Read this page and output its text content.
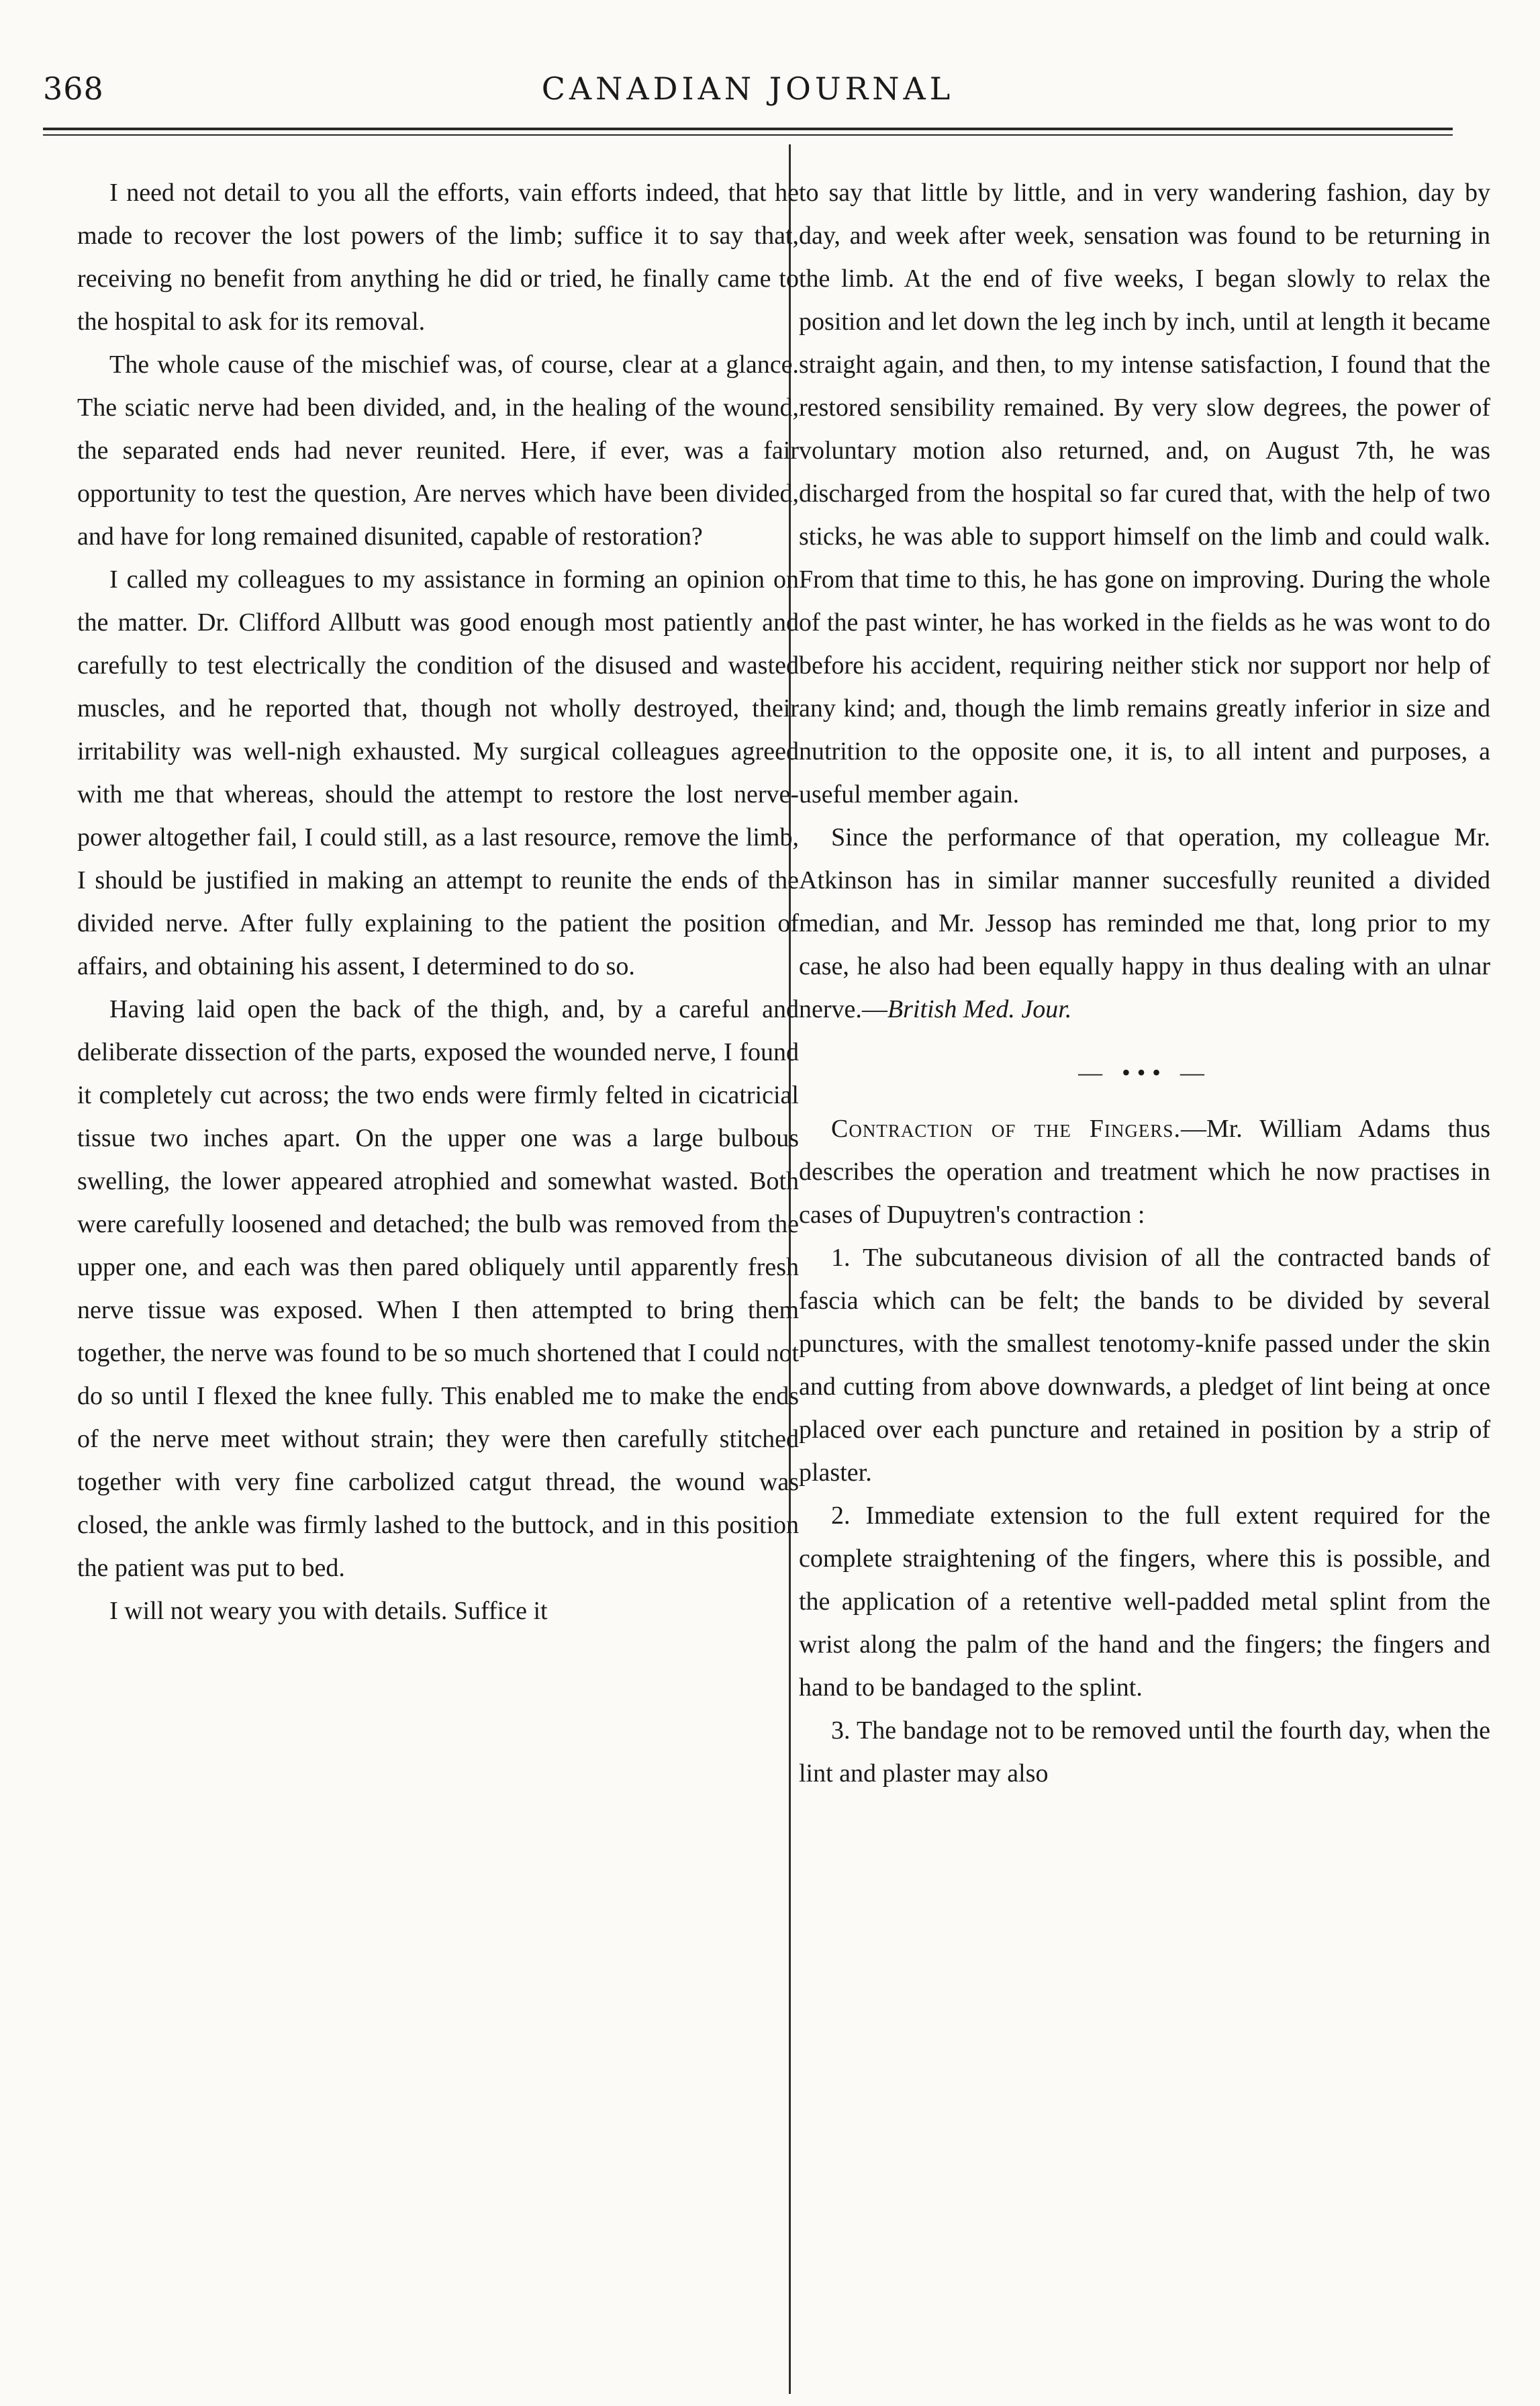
368	CANADIAN JOURNAL

I need not detail to you all the efforts, vain efforts indeed, that he made to recover the lost powers of the limb; suffice it to say that, receiving no benefit from anything he did or tried, he finally came to the hospital to ask for its removal.

The whole cause of the mischief was, of course, clear at a glance. The sciatic nerve had been divided, and, in the healing of the wound, the separated ends had never reunited. Here, if ever, was a fair opportunity to test the question, Are nerves which have been divided, and have for long remained disunited, capable of restoration?

I called my colleagues to my assistance in forming an opinion on the matter. Dr. Clifford Allbutt was good enough most patiently and carefully to test electrically the condition of the disused and wasted muscles, and he reported that, though not wholly destroyed, their irritability was well-nigh exhausted. My surgical colleagues agreed with me that whereas, should the attempt to restore the lost nerve-power altogether fail, I could still, as a last resource, remove the limb, I should be justified in making an attempt to reunite the ends of the divided nerve. After fully explaining to the patient the position of affairs, and obtaining his assent, I determined to do so.

Having laid open the back of the thigh, and, by a careful and deliberate dissection of the parts, exposed the wounded nerve, I found it completely cut across; the two ends were firmly felted in cicatricial tissue two inches apart. On the upper one was a large bulbous swelling, the lower appeared atrophied and somewhat wasted. Both were carefully loosened and detached; the bulb was removed from the upper one, and each was then pared obliquely until apparently fresh nerve tissue was exposed. When I then attempted to bring them together, the nerve was found to be so much shortened that I could not do so until I flexed the knee fully. This enabled me to make the ends of the nerve meet without strain; they were then carefully stitched together with very fine carbolized catgut thread, the wound was closed, the ankle was firmly lashed to the buttock, and in this position the patient was put to bed.

I will not weary you with details. Suffice it

to say that little by little, and in very wandering fashion, day by day, and week after week, sensation was found to be returning in the limb. At the end of five weeks, I began slowly to relax the position and let down the leg inch by inch, until at length it became straight again, and then, to my intense satisfaction, I found that the restored sensibility remained. By very slow degrees, the power of voluntary motion also returned, and, on August 7th, he was discharged from the hospital so far cured that, with the help of two sticks, he was able to support himself on the limb and could walk. From that time to this, he has gone on improving. During the whole of the past winter, he has worked in the fields as he was wont to do before his accident, requiring neither stick nor support nor help of any kind; and, though the limb remains greatly inferior in size and nutrition to the opposite one, it is, to all intent and purposes, a useful member again.

Since the performance of that operation, my colleague Mr. Atkinson has in similar manner succesfully reunited a divided median, and Mr. Jessop has reminded me that, long prior to my case, he also had been equally happy in thus dealing with an ulnar nerve.—British Med. Jour.

— ••• —

Contraction of the Fingers.—Mr. William Adams thus describes the operation and treatment which he now practises in cases of Dupuytren's contraction :

1. The subcutaneous division of all the contracted bands of fascia which can be felt; the bands to be divided by several punctures, with the smallest tenotomy-knife passed under the skin and cutting from above downwards, a pledget of lint being at once placed over each puncture and retained in position by a strip of plaster.

2. Immediate extension to the full extent required for the complete straightening of the fingers, where this is possible, and the application of a retentive well-padded metal splint from the wrist along the palm of the hand and the fingers; the fingers and hand to be bandaged to the splint.

3. The bandage not to be removed until the fourth day, when the lint and plaster may also
